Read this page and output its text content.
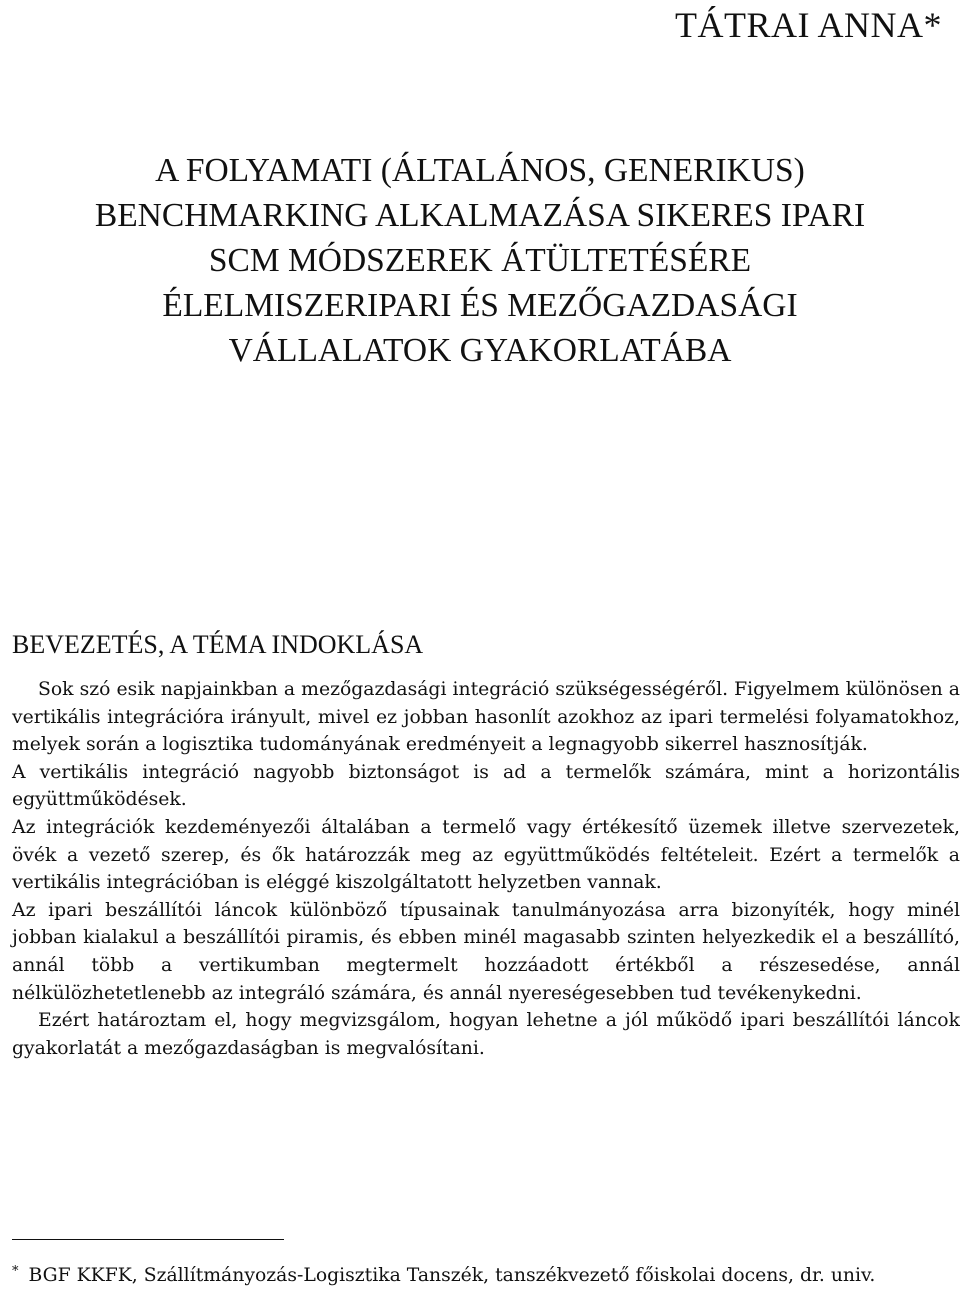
TÁTRAI ANNA*
A FOLYAMATI (ÁLTALÁNOS, GENERIKUS)
BENCHMARKING ALKALMAZÁSA SIKERES IPARI
SCM MÓDSZEREK ÁTÜLTETÉSÉRE
ÉLELMISZERIPARI ÉS MEZŐGAZDASÁGI
VÁLLALATOK GYAKORLATÁBA
BEVEZETÉS, A TÉMA INDOKLÁSA

Sok szó esik napjainkban a mezőgazdasági integráció szükségességéről. Figyelmem különösen a vertikális integrációra irányult, mivel ez jobban hasonlít azokhoz az ipari termelési folyamatokhoz, melyek során a logisztika tudományának eredményeit a legnagyobb sikerrel hasznosítják.

A vertikális integráció nagyobb biztonságot is ad a termelők számára, mint a horizontális együttműködések.

Az integrációk kezdeményezői általában a termelő vagy értékesítő üzemek illetve szervezetek, övék a vezető szerep, és ők határozzák meg az együttműködés feltételeit. Ezért a termelők a vertikális integrációban is eléggé kiszolgáltatott helyzetben vannak.

Az ipari beszállítói láncok különböző típusainak tanulmányozása arra bizonyíték, hogy minél jobban kialakul a beszállítói piramis, és ebben minél magasabb szinten helyezkedik el a beszállító, annál több a vertikumban megtermelt hozzáadott értékből a részesedése, annál nélkülözhetetlenebb az integráló számára, és annál nyereségesebben tud tevékenykedni.

Ezért határoztam el, hogy megvizsgálom, hogyan lehetne a jól működő ipari beszállítói láncok gyakorlatát a mezőgazdaságban is megvalósítani.

* BGF KKFK, Szállítmányozás-Logisztika Tanszék, tanszékvezető főiskolai docens, dr. univ.
